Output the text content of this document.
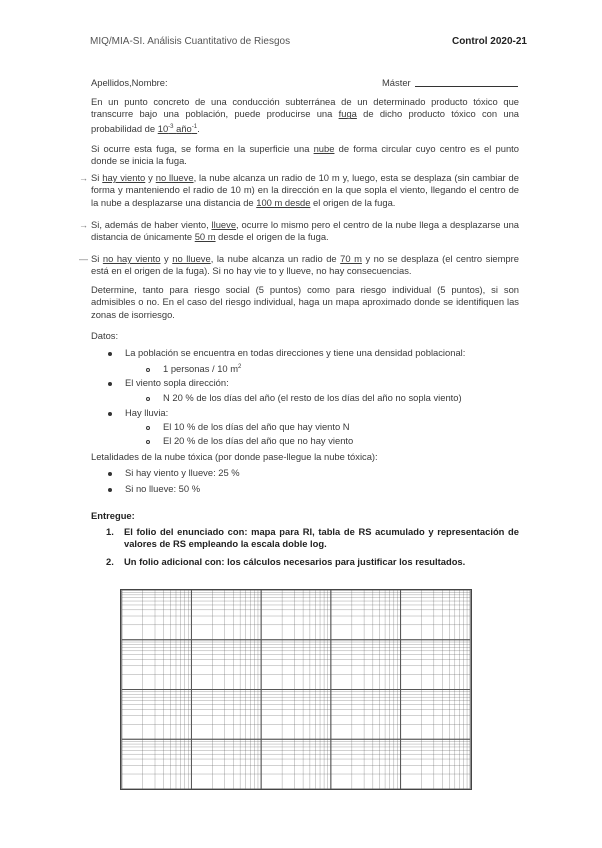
MIQ/MIA-SI. Análisis Cuantitativo de Riesgos	Control 2020-21
Apellidos,Nombre:	Máster
En un punto concreto de una conducción subterránea de un determinado producto tóxico que transcurre bajo una población, puede producirse una fuga de dicho producto tóxico con una probabilidad de $10^{-3}$ año$^{-1}$.
Si ocurre esta fuga, se forma en la superficie una nube de forma circular cuyo centro es el punto donde se inicia la fuga.
→ Si hay viento y no llueve, la nube alcanza un radio de 10 m y, luego, esta se desplaza (sin cambiar de forma y manteniendo el radio de 10 m) en la dirección en la que sopla el viento, llegando el centro de la nube a desplazarse una distancia de 100 m desde el origen de la fuga.
→ Si, además de haber viento, llueve, ocurre lo mismo pero el centro de la nube llega a desplazarse una distancia de únicamente 50 m desde el origen de la fuga.
— Si no hay viento y no llueve, la nube alcanza un radio de 70 m y no se desplaza (el centro siempre está en el origen de la fuga). Si no hay vie to y llueve, no hay consecuencias.
Determine, tanto para riesgo social (5 puntos) como para riesgo individual (5 puntos), si son admisibles o no. En el caso del riesgo individual, haga un mapa aproximado donde se identifiquen las zonas de isorriesgo.
Datos:
La población se encuentra en todas direcciones y tiene una densidad poblacional:
1 personas / 10 $m^2$
El viento sopla dirección:
N 20 % de los días del año (el resto de los días del año no sopla viento)
Hay lluvia:
El 10 % de los días del año que hay viento N
El 20 % de los días del año que no hay viento
Letalidades de la nube tóxica (por donde pase-llegue la nube tóxica):
Si hay viento y llueve: 25 %
Si no llueve: 50 %
Entregue:
1. El folio del enunciado con: mapa para RI, tabla de RS acumulado y representación de valores de RS empleando la escala doble log.
2. Un folio adicional con: los cálculos necesarios para justificar los resultados.
